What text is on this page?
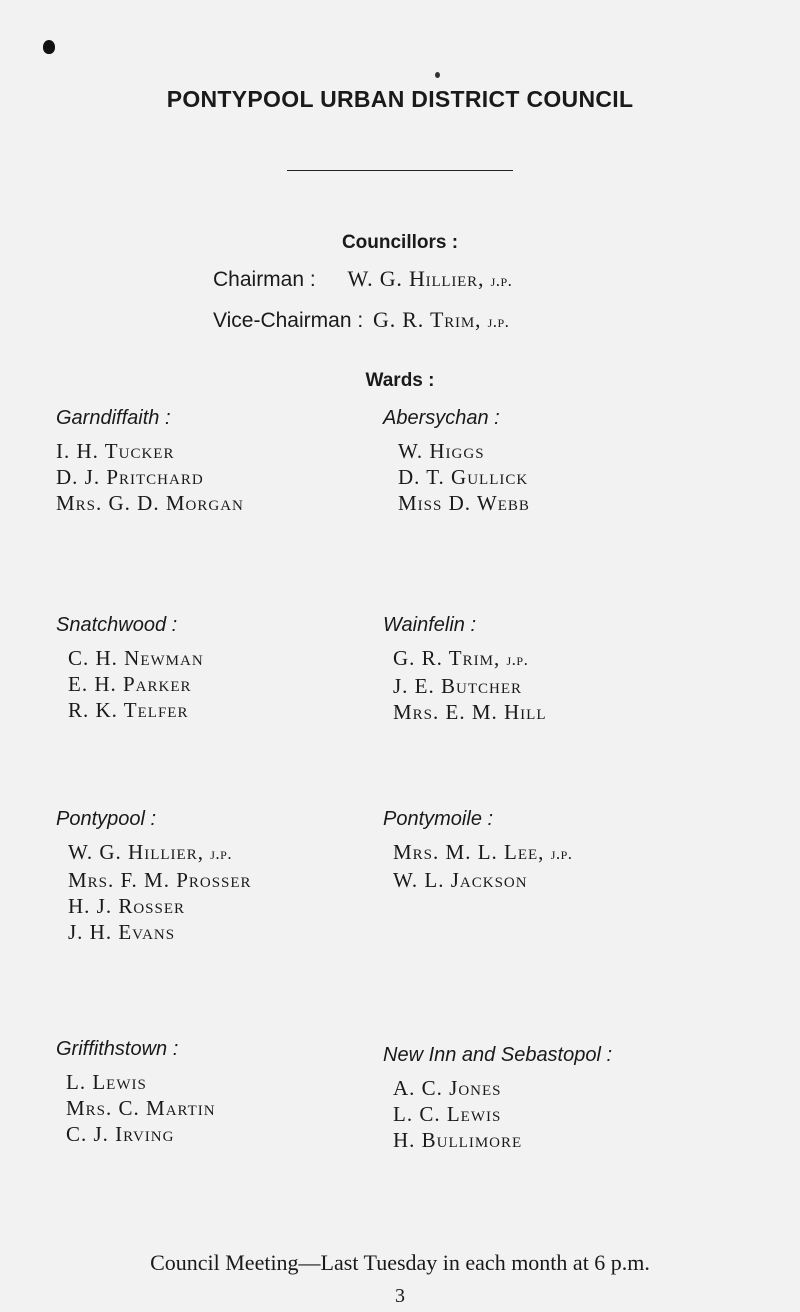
PONTYPOOL URBAN DISTRICT COUNCIL
Councillors :
Chairman : W. G. Hillier, j.p.
Vice-Chairman : G. R. Trim, j.p.
Wards :
Garndiffaith :
I. H. Tucker
D. J. Pritchard
Mrs. G. D. Morgan
Abersychan :
W. Higgs
D. T. Gullick
Miss D. Webb
Snatchwood :
C. H. Newman
E. H. Parker
R. K. Telfer
Wainfelin :
G. R. Trim, j.p.
J. E. Butcher
Mrs. E. M. Hill
Pontypool :
W. G. Hillier, j.p.
Mrs. F. M. Prosser
H. J. Rosser
J. H. Evans
Pontymoile :
Mrs. M. L. Lee, j.p.
W. L. Jackson
Griffithstown :
L. Lewis
Mrs. C. Martin
C. J. Irving
New Inn and Sebastopol :
A. C. Jones
L. C. Lewis
H. Bullimore
Council Meeting—Last Tuesday in each month at 6 p.m.
3
